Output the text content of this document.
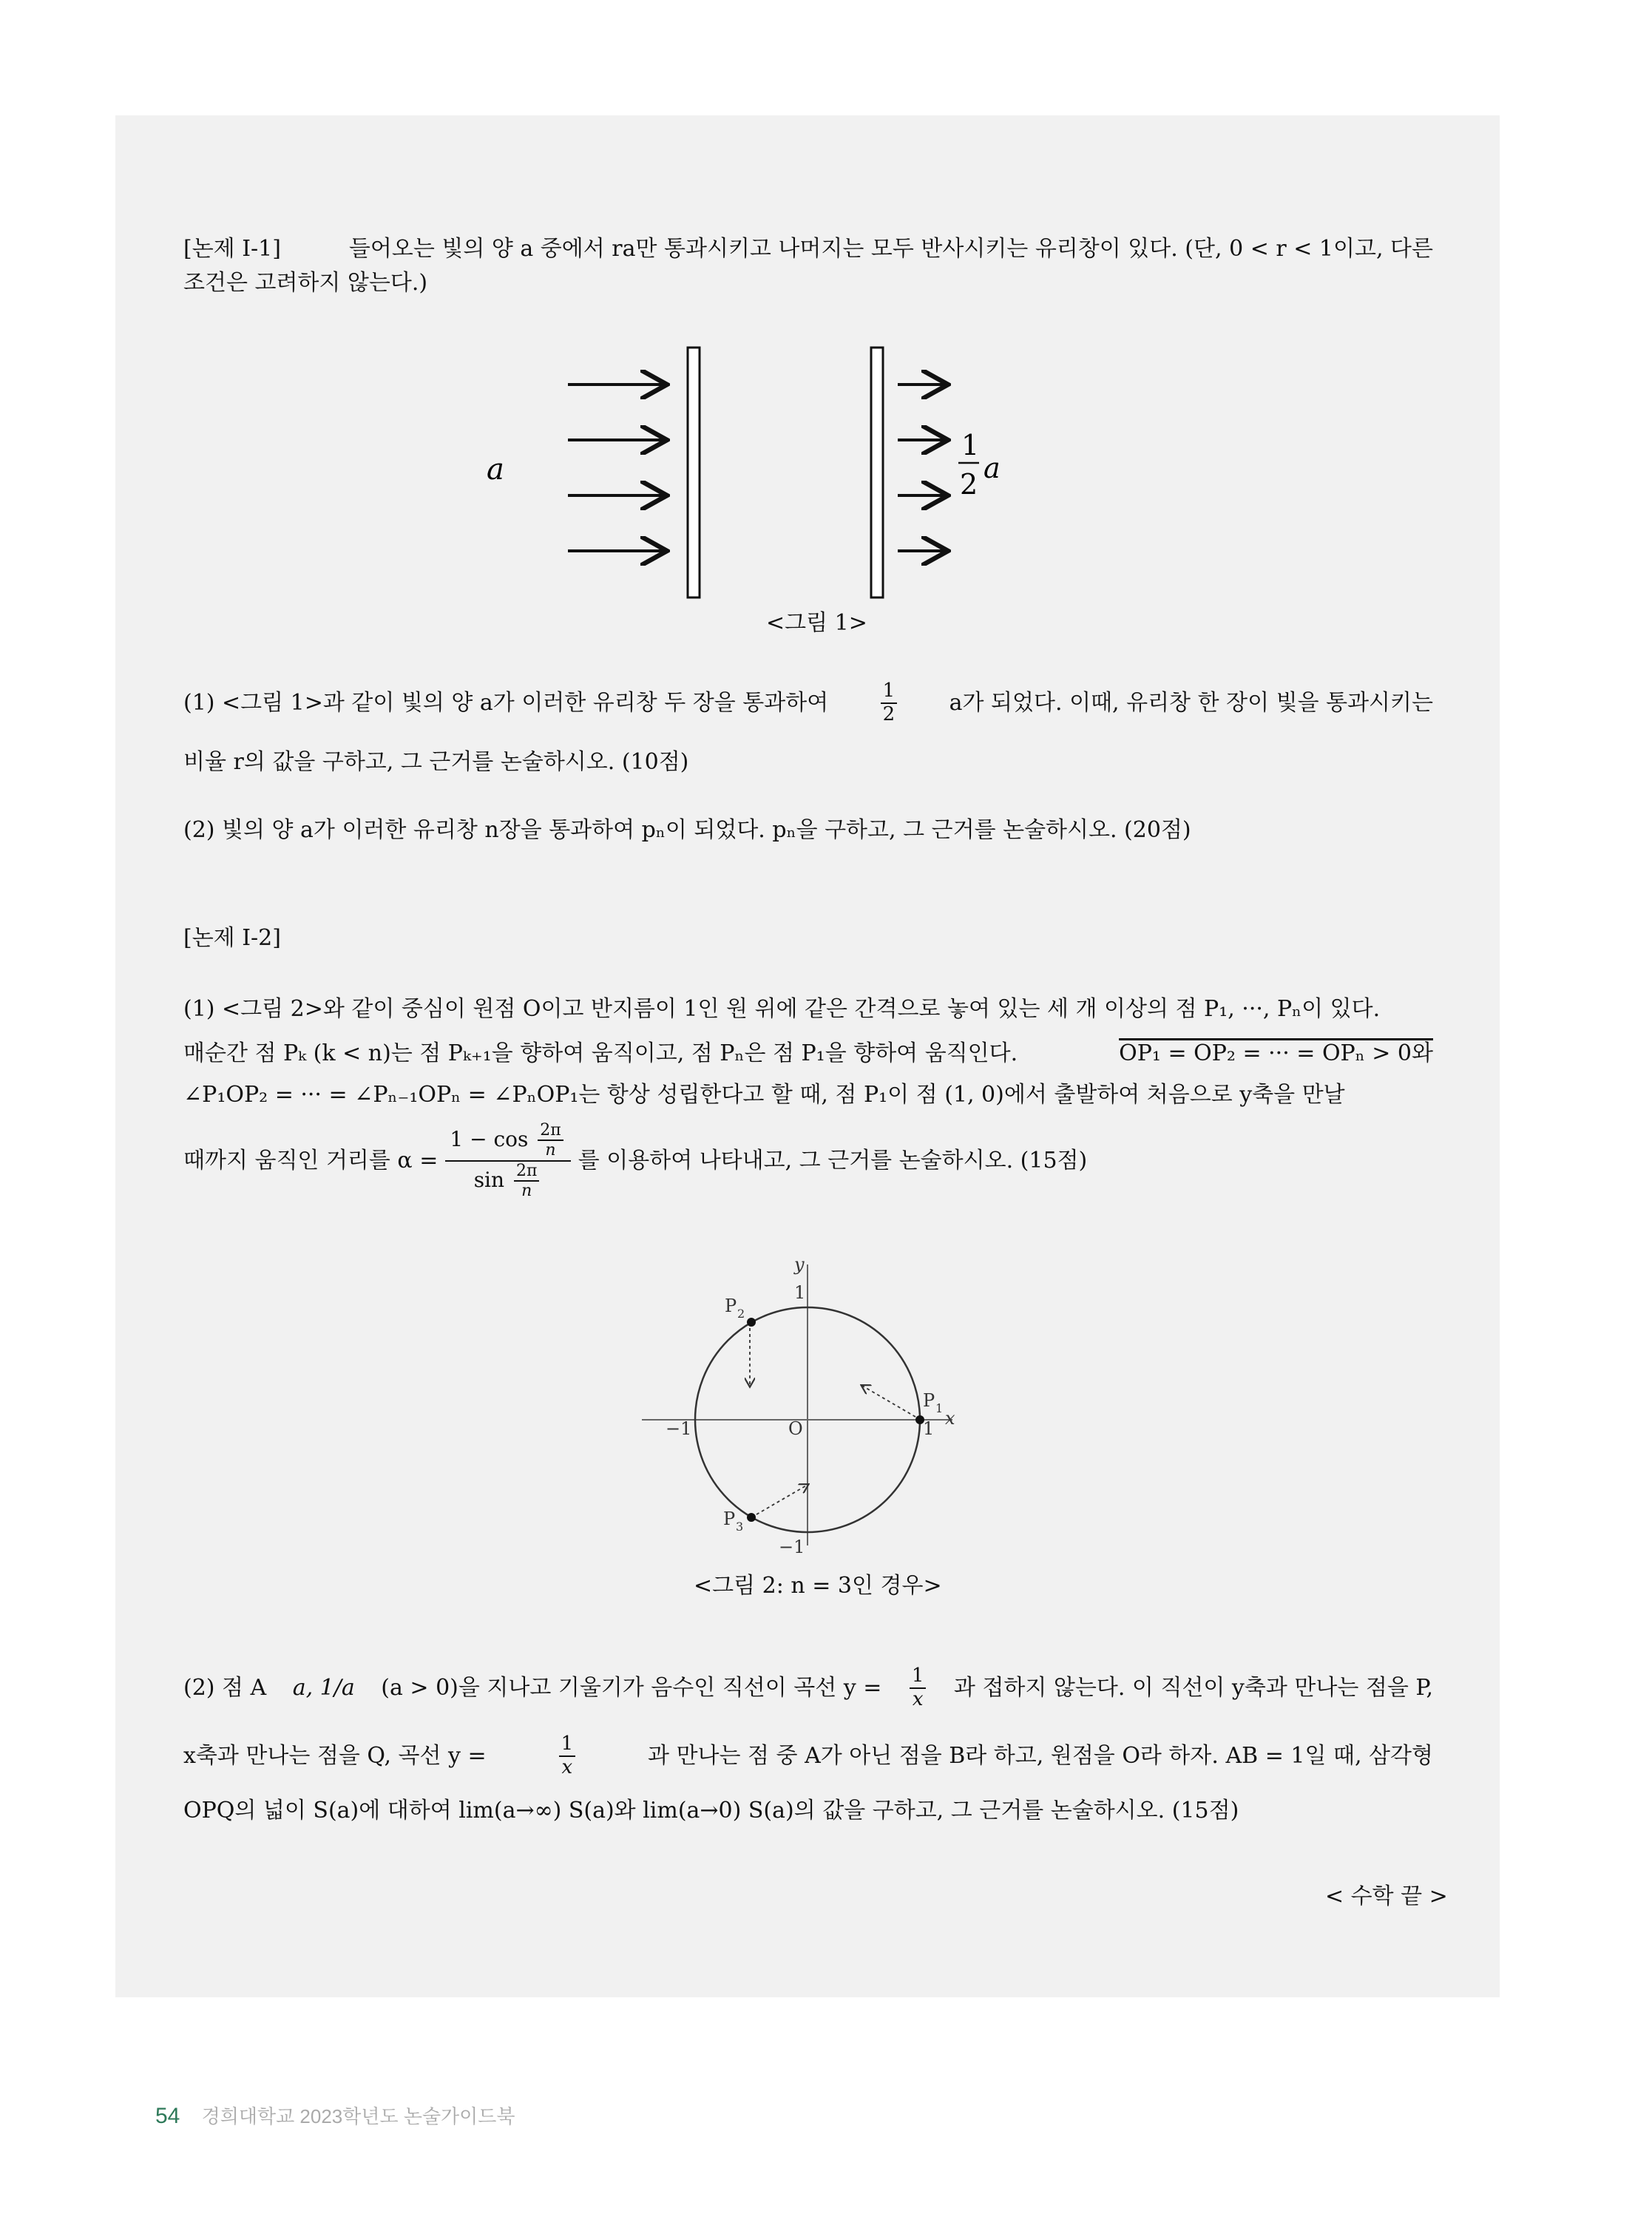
[논제 I-1]	들어오는 빛의 양 a 중에서 ra만 통과시키고 나머지는 모두 반사시키는 유리창이 있다. (단, 0 < r < 1이고, 다른
조건은 고려하지 않는다.)
a
1
2 a
<그림 1>
(1) <그림 1>과 같이 빛의 양 a가 이러한 유리창 두 장을 통과하여	$\frac{1}{2}$ a가 되었다. 이때, 유리창 한 장이 빛을 통과시키는
비율 r의 값을 구하고, 그 근거를 논술하시오. (10점)
(2) 빛의 양 a가 이러한 유리창 n장을 통과하여 pₙ이 되었다. pₙ을 구하고, 그 근거를 논술하시오. (20점)
[논제 I-2]
(1) <그림 2>와 같이 중심이 원점 O이고 반지름이 1인 원 위에 같은 간격으로 놓여 있는 세 개 이상의 점 P₁, ···, Pₙ이 있다.
매순간 점 Pₖ (k < n)는 점 Pₖ₊₁을 향하여 움직이고, 점 Pₙ은 점 P₁을 향하여 움직인다.	OP₁ = OP₂ = ··· = OPₙ > 0와
∠P₁OP₂ = ··· = ∠Pₙ₋₁OPₙ = ∠PₙOP₁는 항상 성립한다고 할 때, 점 P₁이 점 (1, 0)에서 출발하여 처음으로 y축을 만날
때까지 움직인 거리를 $\alpha = \frac{1 - \cos \frac{2\pi}{n}}{\sin \frac{2\pi}{n}}$ 를 이용하여 나타내고, 그 근거를 논술하시오. (15점)
y
x
O
1
−1
1
−1
P 1
P 2
P 3
<그림 2: n = 3인 경우>
(2) 점 A a, 1/a (a > 0)을 지나고 기울기가 음수인 직선이 곡선 $y = \frac{1}{x}$ 과 접하지 않는다. 이 직선이 y축과 만나는 점을 P,
x축과 만나는 점을 Q, 곡선 y =	$\frac{1}{x}$	과 만나는 점 중 A가 아닌 점을 B라 하고, 원점을 O라 하자. AB = 1일 때, 삼각형
OPQ의 넓이 S(a)에 대하여 lim(a→∞) S(a)와 lim(a→0) S(a)의 값을 구하고, 그 근거를 논술하시오. (15점)
< 수학 끝 >
54 경희대학교 2023학년도 논술가이드북
